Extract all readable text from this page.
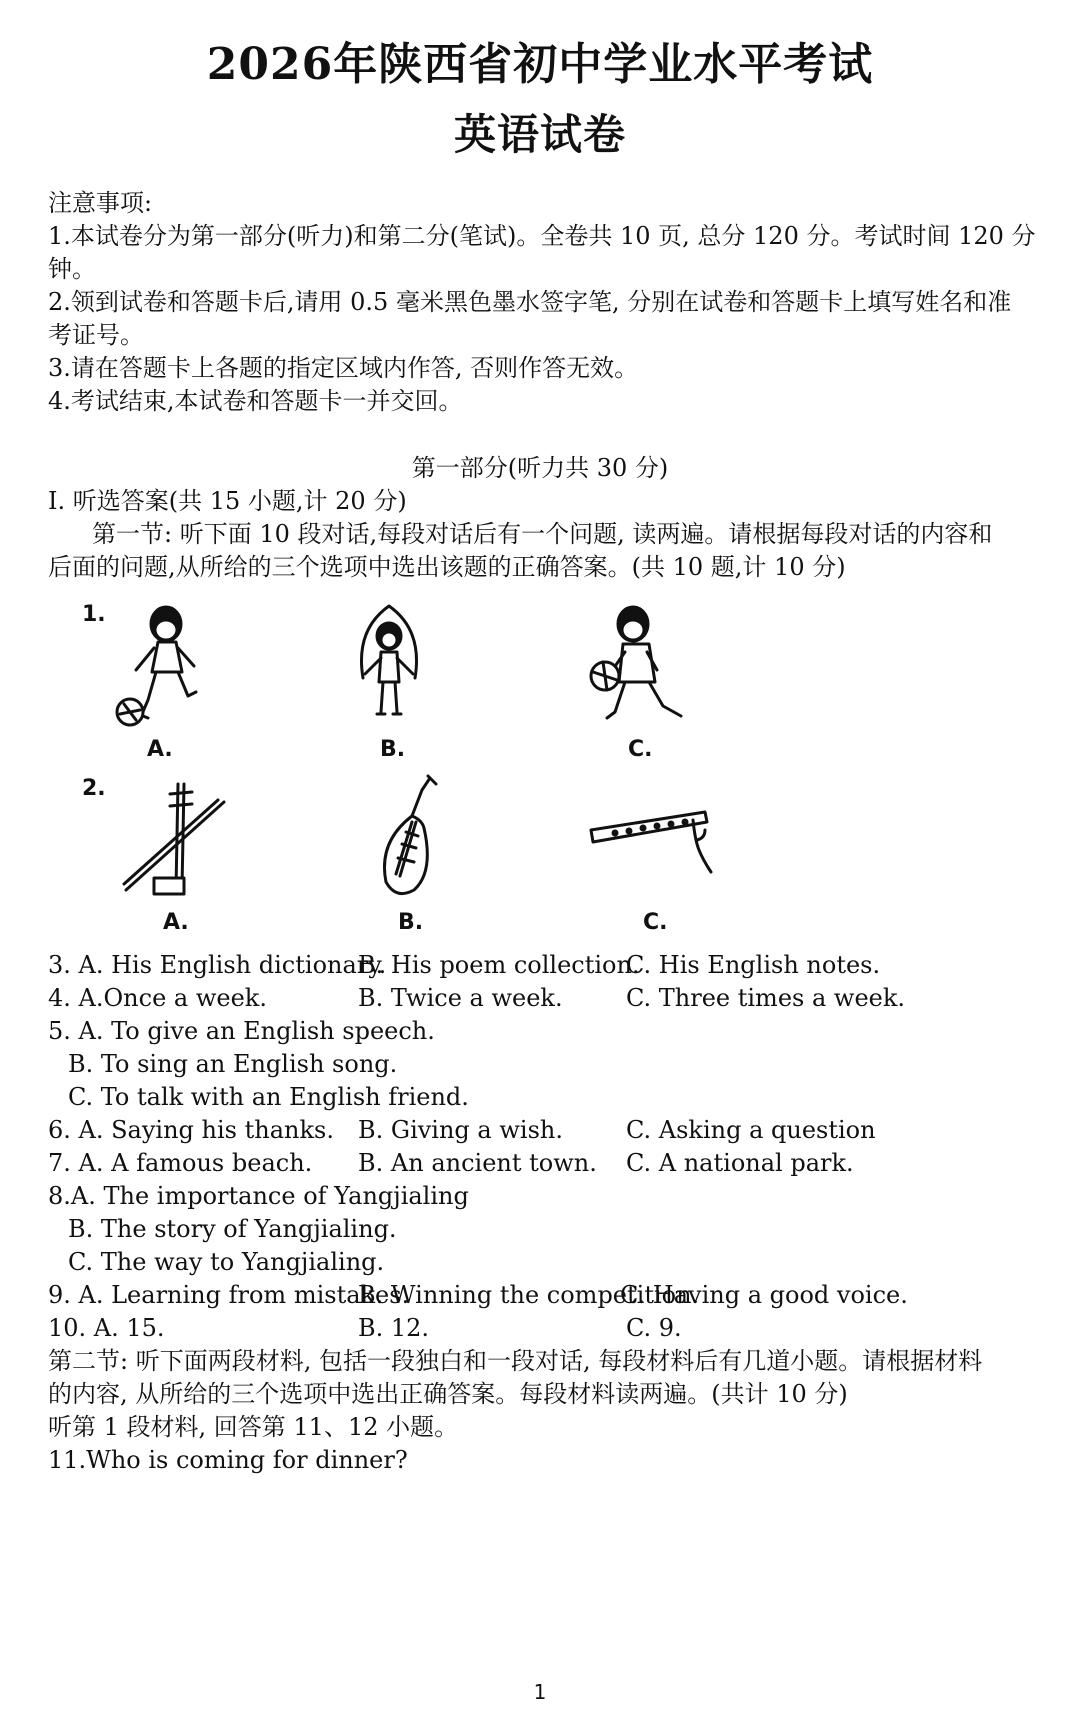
2026年陕西省初中学业水平考试
英语试卷
注意事项:
1.本试卷分为第一部分(听力)和第二分(笔试)。全卷共 10 页, 总分 120 分。考试时间 120 分
钟。
2.领到试卷和答题卡后,请用 0.5 毫米黑色墨水签字笔, 分别在试卷和答题卡上填写姓名和准
考证号。
3.请在答题卡上各题的指定区域内作答, 否则作答无效。
4.考试结束,本试卷和答题卡一并交回。
第一部分(听力共 30 分)
I. 听选答案(共 15 小题,计 20 分)
第一节: 听下面 10 段对话,每段对话后有一个问题, 读两遍。请根据每段对话的内容和
后面的问题,从所给的三个选项中选出该题的正确答案。(共 10 题,计 10 分)
1.
A.	B.	C.
2.
A.	B.	C.
3. A. His English dictionary.
B. His poem collection.
C. His English notes.
4. A.Once a week.	B. Twice a week.	C. Three times a week.
5. A. To give an English speech.
B. To sing an English song.
C. To talk with an English friend.
6. A. Saying his thanks. B. Giving a wish.	C. Asking a question
7. A. A famous beach. B. An ancient town. C. A national park.
8.A. The importance of Yangjialing
B. The story of Yangjialing.
C. The way to Yangjialing.
9. A. Learning from mistakes.
B. Winning the competition.
C. Having a good voice.
10. A. 15.	B. 12.	C. 9.
第二节: 听下面两段材料, 包括一段独白和一段对话, 每段材料后有几道小题。请根据材料
的内容, 从所给的三个选项中选出正确答案。每段材料读两遍。(共计 10 分)
听第 1 段材料, 回答第 11、12 小题。
11.Who is coming for dinner?
1
